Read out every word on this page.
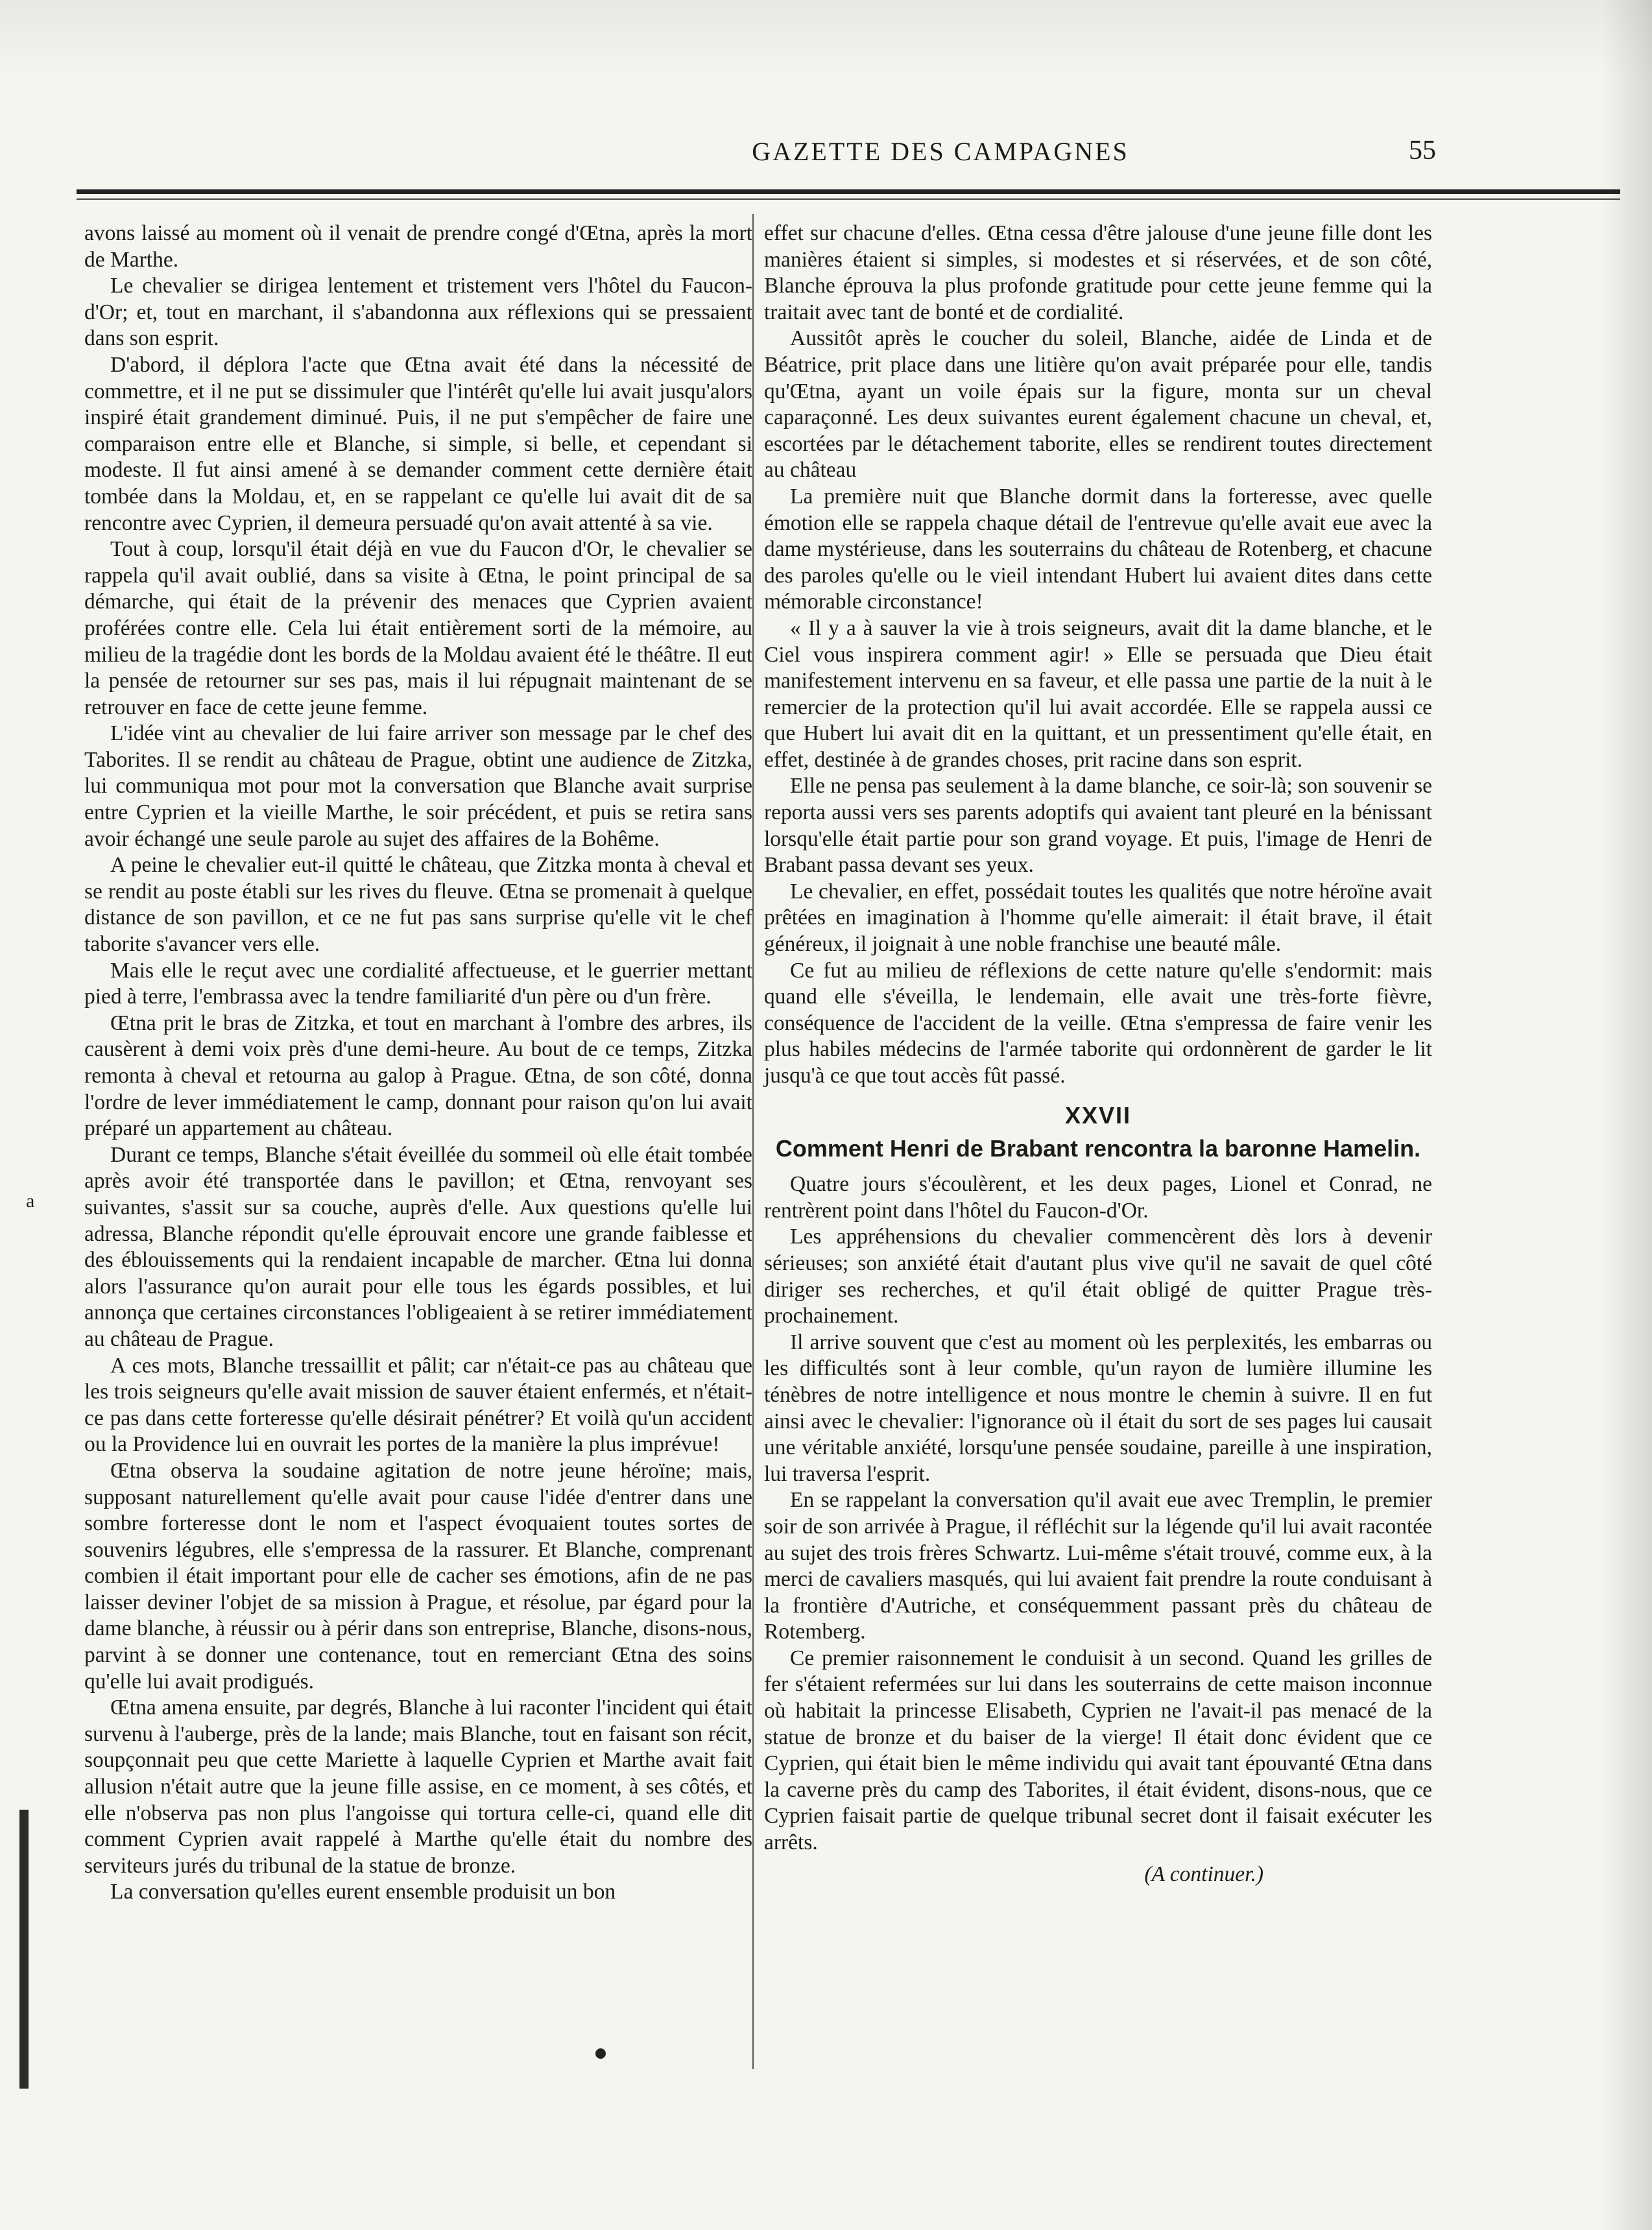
GAZETTE DES CAMPAGNES	55

avons laissé au moment où il venait de prendre congé d'Œtna, après la mort de Marthe.

Le chevalier se dirigea lentement et tristement vers l'hôtel du Faucon-d'Or; et, tout en marchant, il s'abandonna aux réflexions qui se pressaient dans son esprit.

D'abord, il déplora l'acte que Œtna avait été dans la nécessité de commettre, et il ne put se dissimuler que l'intérêt qu'elle lui avait jusqu'alors inspiré était grandement diminué. Puis, il ne put s'empêcher de faire une comparaison entre elle et Blanche, si simple, si belle, et cependant si modeste. Il fut ainsi amené à se demander comment cette dernière était tombée dans la Moldau, et, en se rappelant ce qu'elle lui avait dit de sa rencontre avec Cyprien, il demeura persuadé qu'on avait attenté à sa vie.

Tout à coup, lorsqu'il était déjà en vue du Faucon d'Or, le chevalier se rappela qu'il avait oublié, dans sa visite à Œtna, le point principal de sa démarche, qui était de la prévenir des menaces que Cyprien avaient proférées contre elle. Cela lui était entièrement sorti de la mémoire, au milieu de la tragédie dont les bords de la Moldau avaient été le théâtre. Il eut la pensée de retourner sur ses pas, mais il lui répugnait maintenant de se retrouver en face de cette jeune femme.

L'idée vint au chevalier de lui faire arriver son message par le chef des Taborites. Il se rendit au château de Prague, obtint une audience de Zitzka, lui communiqua mot pour mot la conversation que Blanche avait surprise entre Cyprien et la vieille Marthe, le soir précédent, et puis se retira sans avoir échangé une seule parole au sujet des affaires de la Bohême.

A peine le chevalier eut-il quitté le château, que Zitzka monta à cheval et se rendit au poste établi sur les rives du fleuve. Œtna se promenait à quelque distance de son pavillon, et ce ne fut pas sans surprise qu'elle vit le chef taborite s'avancer vers elle.

Mais elle le reçut avec une cordialité affectueuse, et le guerrier mettant pied à terre, l'embrassa avec la tendre familiarité d'un père ou d'un frère.

Œtna prit le bras de Zitzka, et tout en marchant à l'ombre des arbres, ils causèrent à demi voix près d'une demi-heure. Au bout de ce temps, Zitzka remonta à cheval et retourna au galop à Prague. Œtna, de son côté, donna l'ordre de lever immédiatement le camp, donnant pour raison qu'on lui avait préparé un appartement au château.

Durant ce temps, Blanche s'était éveillée du sommeil où elle était tombée après avoir été transportée dans le pavillon; et Œtna, renvoyant ses suivantes, s'assit sur sa couche, auprès d'elle. Aux questions qu'elle lui adressa, Blanche répondit qu'elle éprouvait encore une grande faiblesse et des éblouissements qui la rendaient incapable de marcher. Œtna lui donna alors l'assurance qu'on aurait pour elle tous les égards possibles, et lui annonça que certaines circonstances l'obligeaient à se retirer immédiatement au château de Prague.

A ces mots, Blanche tressaillit et pâlit; car n'était-ce pas au château que les trois seigneurs qu'elle avait mission de sauver étaient enfermés, et n'était-ce pas dans cette forteresse qu'elle désirait pénétrer? Et voilà qu'un accident ou la Providence lui en ouvrait les portes de la manière la plus imprévue!

Œtna observa la soudaine agitation de notre jeune héroïne; mais, supposant naturellement qu'elle avait pour cause l'idée d'entrer dans une sombre forteresse dont le nom et l'aspect évoquaient toutes sortes de souvenirs légubres, elle s'empressa de la rassurer. Et Blanche, comprenant combien il était important pour elle de cacher ses émotions, afin de ne pas laisser deviner l'objet de sa mission à Prague, et résolue, par égard pour la dame blanche, à réussir ou à périr dans son entreprise, Blanche, disons-nous, parvint à se donner une contenance, tout en remerciant Œtna des soins qu'elle lui avait prodigués.

Œtna amena ensuite, par degrés, Blanche à lui raconter l'incident qui était survenu à l'auberge, près de la lande; mais Blanche, tout en faisant son récit, soupçonnait peu que cette Mariette à laquelle Cyprien et Marthe avait fait allusion n'était autre que la jeune fille assise, en ce moment, à ses côtés, et elle n'observa pas non plus l'angoisse qui tortura celle-ci, quand elle dit comment Cyprien avait rappelé à Marthe qu'elle était du nombre des serviteurs jurés du tribunal de la statue de bronze.

La conversation qu'elles eurent ensemble produisit un bon

effet sur chacune d'elles. Œtna cessa d'être jalouse d'une jeune fille dont les manières étaient si simples, si modestes et si réservées, et de son côté, Blanche éprouva la plus profonde gratitude pour cette jeune femme qui la traitait avec tant de bonté et de cordialité.

Aussitôt après le coucher du soleil, Blanche, aidée de Linda et de Béatrice, prit place dans une litière qu'on avait préparée pour elle, tandis qu'Œtna, ayant un voile épais sur la figure, monta sur un cheval caparaçonné. Les deux suivantes eurent également chacune un cheval, et, escortées par le détachement taborite, elles se rendirent toutes directement au château

La première nuit que Blanche dormit dans la forteresse, avec quelle émotion elle se rappela chaque détail de l'entrevue qu'elle avait eue avec la dame mystérieuse, dans les souterrains du château de Rotenberg, et chacune des paroles qu'elle ou le vieil intendant Hubert lui avaient dites dans cette mémorable circonstance!

« Il y a à sauver la vie à trois seigneurs, avait dit la dame blanche, et le Ciel vous inspirera comment agir! » Elle se persuada que Dieu était manifestement intervenu en sa faveur, et elle passa une partie de la nuit à le remercier de la protection qu'il lui avait accordée. Elle se rappela aussi ce que Hubert lui avait dit en la quittant, et un pressentiment qu'elle était, en effet, destinée à de grandes choses, prit racine dans son esprit.

Elle ne pensa pas seulement à la dame blanche, ce soir-là; son souvenir se reporta aussi vers ses parents adoptifs qui avaient tant pleuré en la bénissant lorsqu'elle était partie pour son grand voyage. Et puis, l'image de Henri de Brabant passa devant ses yeux.

Le chevalier, en effet, possédait toutes les qualités que notre héroïne avait prêtées en imagination à l'homme qu'elle aimerait: il était brave, il était généreux, il joignait à une noble franchise une beauté mâle.

Ce fut au milieu de réflexions de cette nature qu'elle s'endormit: mais quand elle s'éveilla, le lendemain, elle avait une très-forte fièvre, conséquence de l'accident de la veille. Œtna s'empressa de faire venir les plus habiles médecins de l'armée taborite qui ordonnèrent de garder le lit jusqu'à ce que tout accès fût passé.

XXVII
Comment Henri de Brabant rencontra la baronne Hamelin.

Quatre jours s'écoulèrent, et les deux pages, Lionel et Conrad, ne rentrèrent point dans l'hôtel du Faucon-d'Or.

Les appréhensions du chevalier commencèrent dès lors à devenir sérieuses; son anxiété était d'autant plus vive qu'il ne savait de quel côté diriger ses recherches, et qu'il était obligé de quitter Prague très-prochainement.

Il arrive souvent que c'est au moment où les perplexités, les embarras ou les difficultés sont à leur comble, qu'un rayon de lumière illumine les ténèbres de notre intelligence et nous montre le chemin à suivre. Il en fut ainsi avec le chevalier: l'ignorance où il était du sort de ses pages lui causait une véritable anxiété, lorsqu'une pensée soudaine, pareille à une inspiration, lui traversa l'esprit.

En se rappelant la conversation qu'il avait eue avec Tremplin, le premier soir de son arrivée à Prague, il réfléchit sur la légende qu'il lui avait racontée au sujet des trois frères Schwartz. Lui-même s'était trouvé, comme eux, à la merci de cavaliers masqués, qui lui avaient fait prendre la route conduisant à la frontière d'Autriche, et conséquemment passant près du château de Rotemberg.

Ce premier raisonnement le conduisit à un second. Quand les grilles de fer s'étaient refermées sur lui dans les souterrains de cette maison inconnue où habitait la princesse Elisabeth, Cyprien ne l'avait-il pas menacé de la statue de bronze et du baiser de la vierge! Il était donc évident que ce Cyprien, qui était bien le même individu qui avait tant épouvanté Œtna dans la caverne près du camp des Taborites, il était évident, disons-nous, que ce Cyprien faisait partie de quelque tribunal secret dont il faisait exécuter les arrêts.

(A continuer.)
a
